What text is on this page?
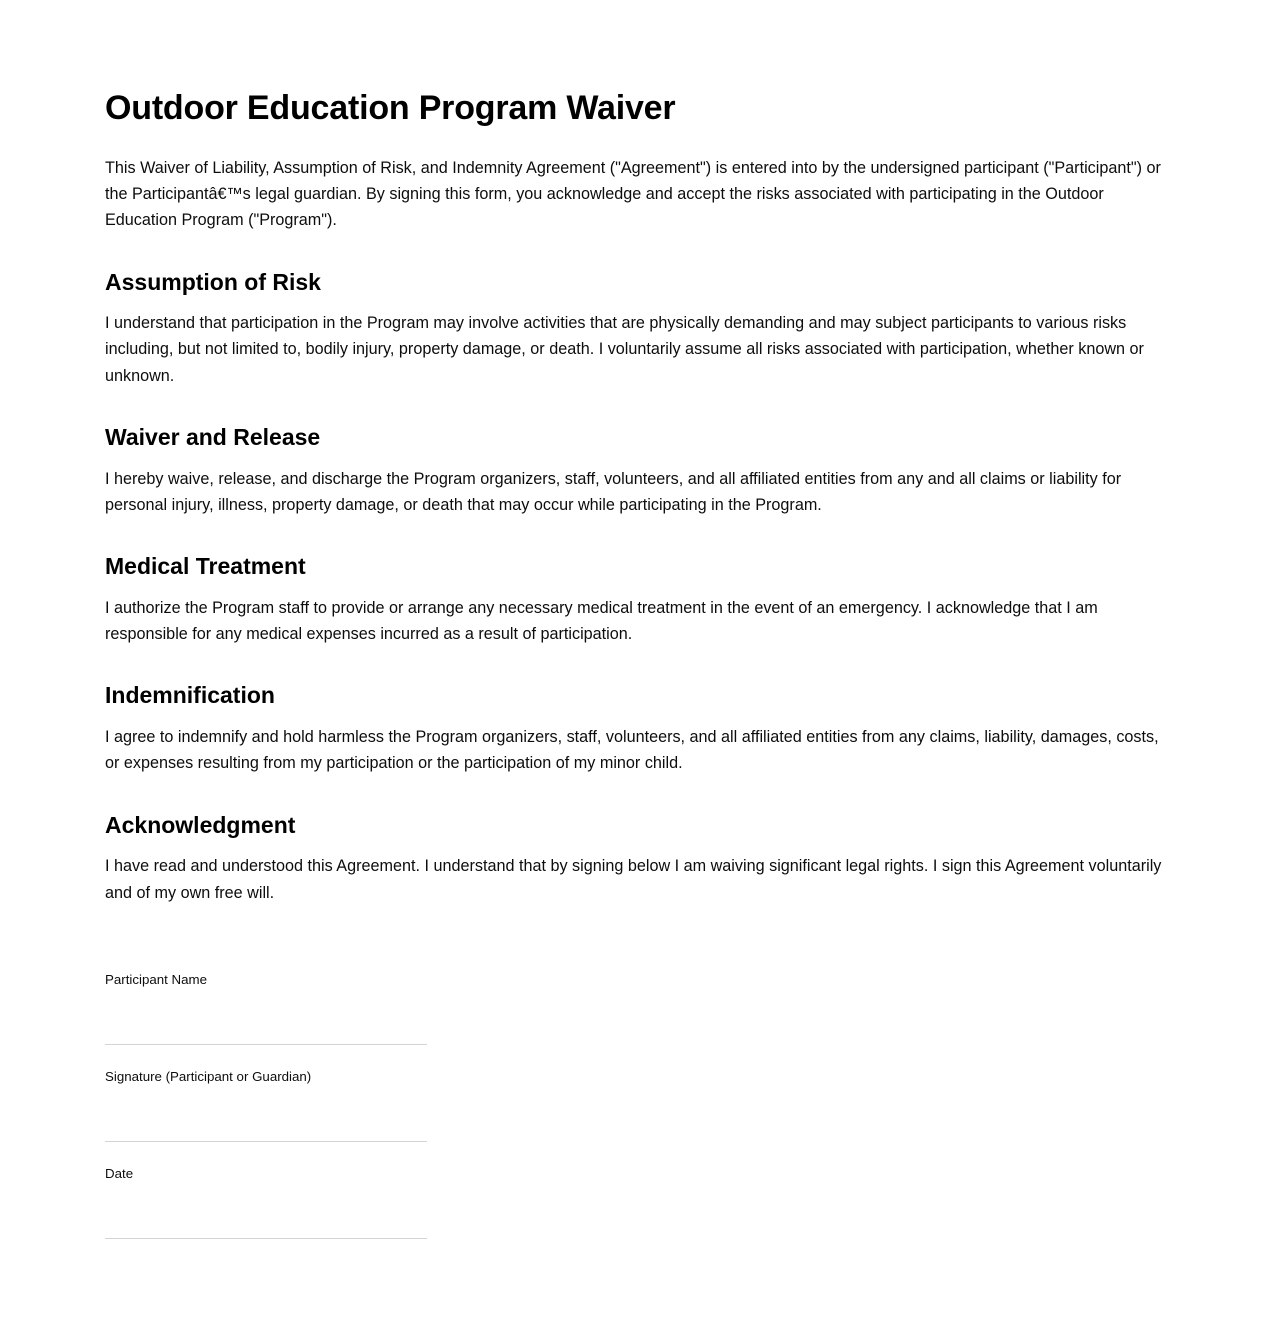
Outdoor Education Program Waiver

This Waiver of Liability, Assumption of Risk, and Indemnity Agreement ("Agreement") is entered into by the undersigned participant ("Participant") or the Participantâ€™s legal guardian. By signing this form, you acknowledge and accept the risks associated with participating in the Outdoor Education Program ("Program").

Assumption of Risk

I understand that participation in the Program may involve activities that are physically demanding and may subject participants to various risks including, but not limited to, bodily injury, property damage, or death. I voluntarily assume all risks associated with participation, whether known or unknown.

Waiver and Release

I hereby waive, release, and discharge the Program organizers, staff, volunteers, and all affiliated entities from any and all claims or liability for personal injury, illness, property damage, or death that may occur while participating in the Program.

Medical Treatment

I authorize the Program staff to provide or arrange any necessary medical treatment in the event of an emergency. I acknowledge that I am responsible for any medical expenses incurred as a result of participation.

Indemnification

I agree to indemnify and hold harmless the Program organizers, staff, volunteers, and all affiliated entities from any claims, liability, damages, costs, or expenses resulting from my participation or the participation of my minor child.

Acknowledgment

I have read and understood this Agreement. I understand that by signing below I am waiving significant legal rights. I sign this Agreement voluntarily and of my own free will.

Participant Name
Signature (Participant or Guardian)
Date
